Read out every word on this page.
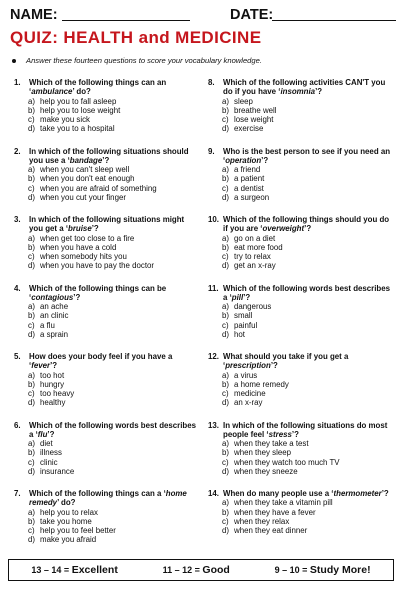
NAME:	DATE:
QUIZ: HEALTH and MEDICINE
Answer these fourteen questions to score your vocabulary knowledge.
1.	Which of the following things can an ‘ambulance’ do?
a) help you to fall asleep
b) help you to lose weight
c) make you sick
d) take you to a hospital
2.	In which of the following situations should you use a ‘bandage’?
a) when you can't sleep well
b) when you don't eat enough
c) when you are afraid of something
d) when you cut your finger
3.	In which of the following situations might you get a ‘bruise’?
a) when get too close to a fire
b) when you have a cold
c) when somebody hits you
d) when you have to pay the doctor
4.	Which of the following things can be ‘contagious’?
a) an ache
b) an clinic
c) a flu
d) a sprain
5.	How does your body feel if you have a ‘fever’?
a) too hot
b) hungry
c) too heavy
d) healthy
6.	Which of the following words best describes a ‘flu’?
a) diet
b) illness
c) clinic
d) insurance
7.	Which of the following things can a ‘home remedy’ do?
a) help you to relax
b) take you home
c) help you to feel better
d) make you afraid
8.	Which of the following activities CAN'T you do if you have ‘insomnia’?
a) sleep
b) breathe well
c) lose weight
d) exercise
9.	Who is the best person to see if you need an ‘operation’?
a) a friend
b) a patient
c) a dentist
d) a surgeon
10. Which of the following things should you do if you are ‘overweight’?
a) go on a diet
b) eat more food
c) try to relax
d) get an x-ray
11. Which of the following words best describes a ‘pill’?
a) dangerous
b) small
c) painful
d) hot
12. What should you take if you get a ‘prescription’?
a) a virus
b) a home remedy
c) medicine
d) an x-ray
13. In which of the following situations do most people feel ‘stress’?
a) when they take a test
b) when they sleep
c) when they watch too much TV
d) when they sneeze
14. When do many people use a ‘thermometer’?
a) when they take a vitamin pill
b) when they have a fever
c) when they relax
d) when they eat dinner
13 – 14 = Excellent	11 – 12 = Good	9 – 10 = Study More!
